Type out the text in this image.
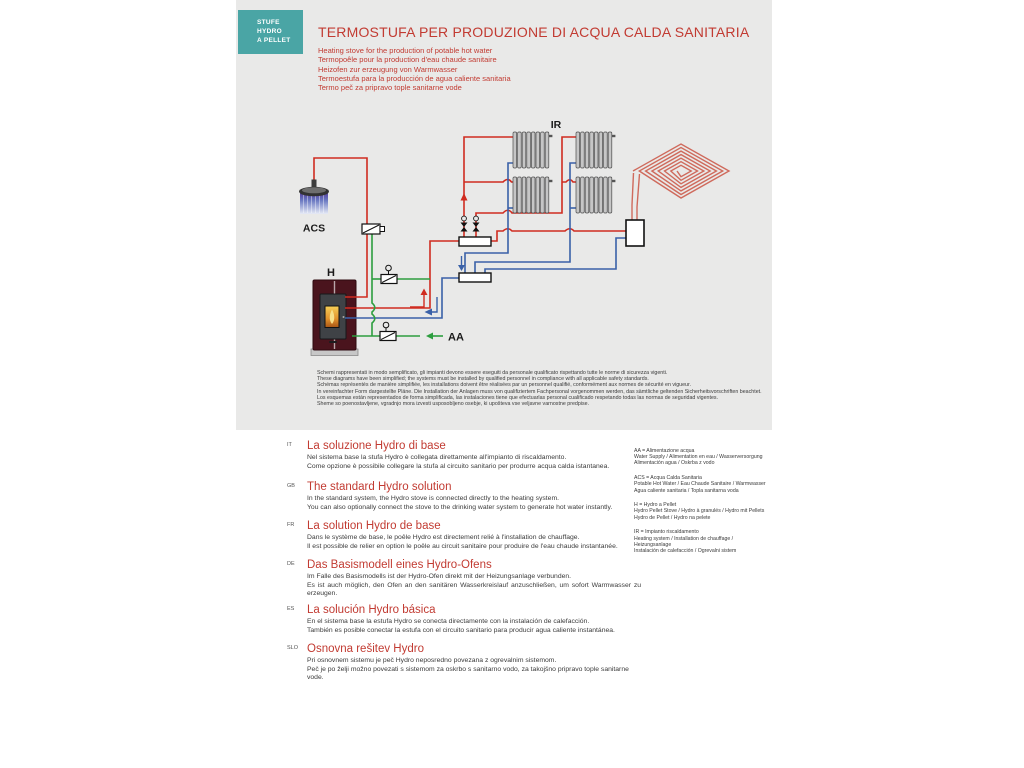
STUFE
HYDRO
A PELLET
TERMOSTUFA PER PRODUZIONE DI ACQUA CALDA SANITARIA
Heating stove for the production of potable hot water
Termopoêle pour la production d'eau chaude sanitaire
Heizofen zur erzeugung von Warmwasser
Termoestufa para la producción de agua caliente sanitaria
Termo peč za pripravo tople sanitarne vode
ACS
H
IR
AA
Schemi rappresentati in modo semplificato, gli impianti devono essere eseguiti da personale qualificato rispettando tutte le norme di sicurezza vigenti.
These diagrams have been simplified; the systems must be installed by qualified personnel in compliance with all applicable safety standards.
Schémas représentés de manière simplifiée, les installations doivent être réalisées par un personnel qualifié, conformément aux normes de sécurité en vigueur.
In vereinfachter Form dargestellte Pläne. Die Installation der Anlagen muss von qualifiziertem Fachpersonal vorgenommen werden, das sämtliche geltenden Sicherheitsvorschriften beachtet.
Los esquemas están representados de forma simplificada, las instalaciones tiene que efectuarlas personal cualificado respetando todas las normas de seguridad vigentes.
Sheme so poenostavljene, vgradnjo mora izvesti usposobljeno osebje, ki upošteva vse veljavne varnostne predpise.
IT La soluzione Hydro di base
Nel sistema base la stufa Hydro è collegata direttamente all'impianto di riscaldamento.
Come opzione è possibile collegare la stufa al circuito sanitario per produrre acqua calda istantanea.
GB The standard Hydro solution
In the standard system, the Hydro stove is connected directly to the heating system.
You can also optionally connect the stove to the drinking water system to generate hot water instantly.
FR La solution Hydro de base
Dans le système de base, le poêle Hydro est directement relié à l'installation de chauffage.
Il est possible de relier en option le poêle au circuit sanitaire pour produire de l'eau chaude instantanée.
DE Das Basismodell eines Hydro-Ofens
Im Falle des Basismodells ist der Hydro-Ofen direkt mit der Heizungsanlage verbunden.
Es ist auch möglich, den Ofen an den sanitären Wasserkreislauf anzuschließen, um sofort Warmwasser zu erzeugen.
ES La solución Hydro básica
En el sistema base la estufa Hydro se conecta directamente con la instalación de calefacción.
También es posible conectar la estufa con el circuito sanitario para producir agua caliente instantánea.
SLO Osnovna rešitev Hydro
Pri osnovnem sistemu je peč Hydro neposredno povezana z ogrevalnim sistemom.
Peč je po želji možno povezati s sistemom za oskrbo s sanitarno vodo, za takojšno pripravo tople sanitarne vode.
AA = Alimentazione acqua
Water Supply / Alimentation en eau / Wasserversorgung
Alimentación agua / Oskrba z vodo
ACS = Acqua Calda Sanitaria
Potable Hot Water / Eau Chaude Sanitaire / Warmwasser
Agua caliente sanitaria / Topla sanitarna voda
H = Hydro a Pellet
Hydro Pellet Stove / Hydro à granulés / Hydro mit Pellets
Hydro de Pellet / Hydro na pelete
IR = Impianto riscaldamento
Heating system / Installation de chauffage / Heizungsanlage
Instalación de calefacción / Ogrevalni sistem
